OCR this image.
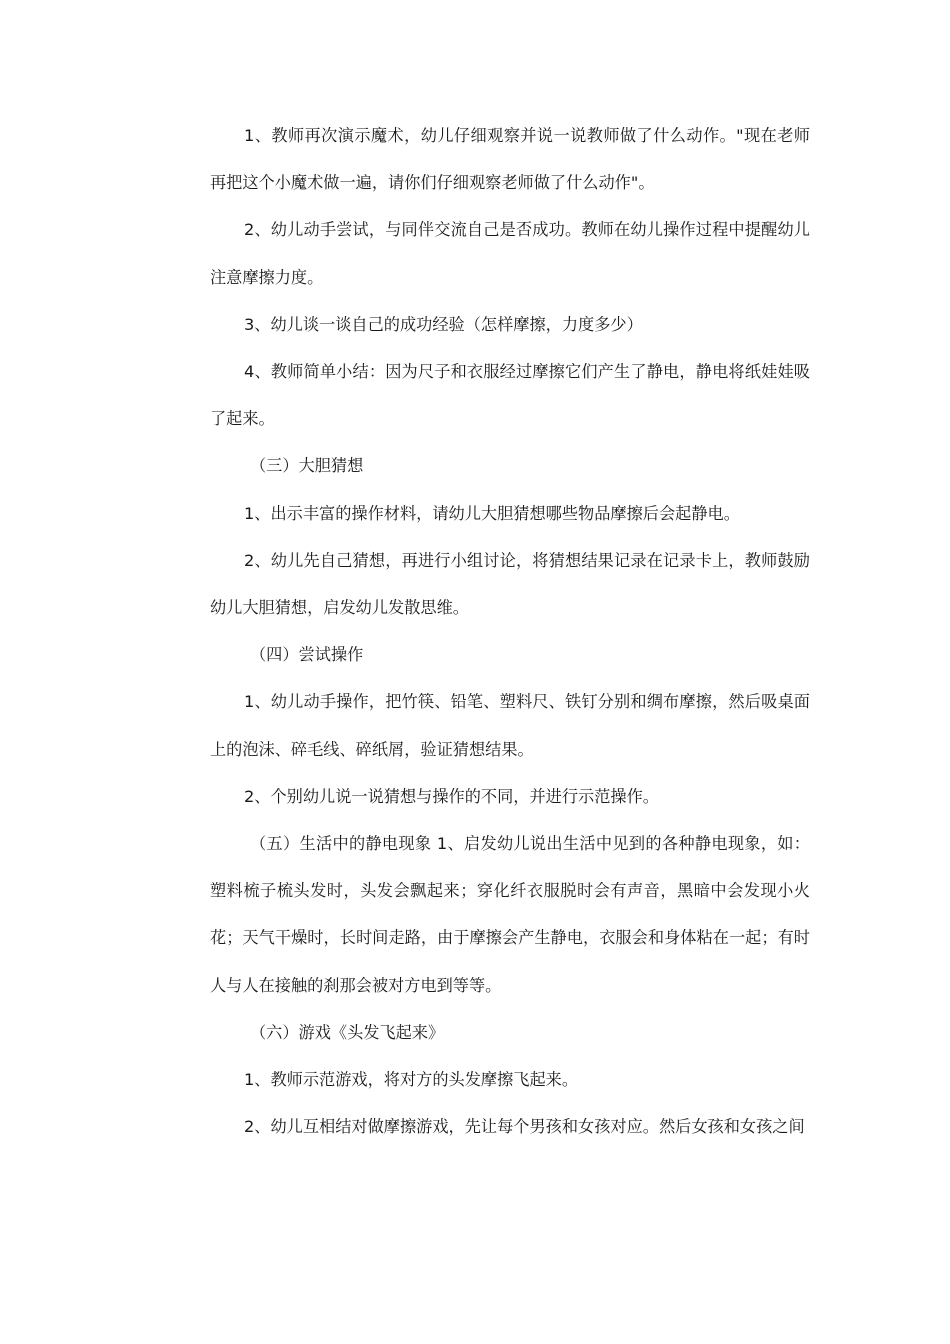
1、教师再次演示魔术，幼儿仔细观察并说一说教师做了什么动作。"现在老师再把这个小魔术做一遍，请你们仔细观察老师做了什么动作"。

2、幼儿动手尝试，与同伴交流自己是否成功。教师在幼儿操作过程中提醒幼儿注意摩擦力度。

3、幼儿谈一谈自己的成功经验（怎样摩擦，力度多少）

4、教师简单小结：因为尺子和衣服经过摩擦它们产生了静电，静电将纸娃娃吸了起来。

（三）大胆猜想

1、出示丰富的操作材料，请幼儿大胆猜想哪些物品摩擦后会起静电。

2、幼儿先自己猜想，再进行小组讨论，将猜想结果记录在记录卡上，教师鼓励幼儿大胆猜想，启发幼儿发散思维。

（四）尝试操作

1、幼儿动手操作，把竹筷、铅笔、塑料尺、铁钉分别和绸布摩擦，然后吸桌面上的泡沫、碎毛线、碎纸屑，验证猜想结果。

2、个别幼儿说一说猜想与操作的不同，并进行示范操作。

（五）生活中的静电现象 1、启发幼儿说出生活中见到的各种静电现象，如：塑料梳子梳头发时，头发会飘起来；穿化纤衣服脱时会有声音，黑暗中会发现小火花；天气干燥时，长时间走路，由于摩擦会产生静电，衣服会和身体粘在一起；有时人与人在接触的刹那会被对方电到等等。

（六）游戏《头发飞起来》

1、教师示范游戏，将对方的头发摩擦飞起来。

2、幼儿互相结对做摩擦游戏，先让每个男孩和女孩对应。然后女孩和女孩之间
